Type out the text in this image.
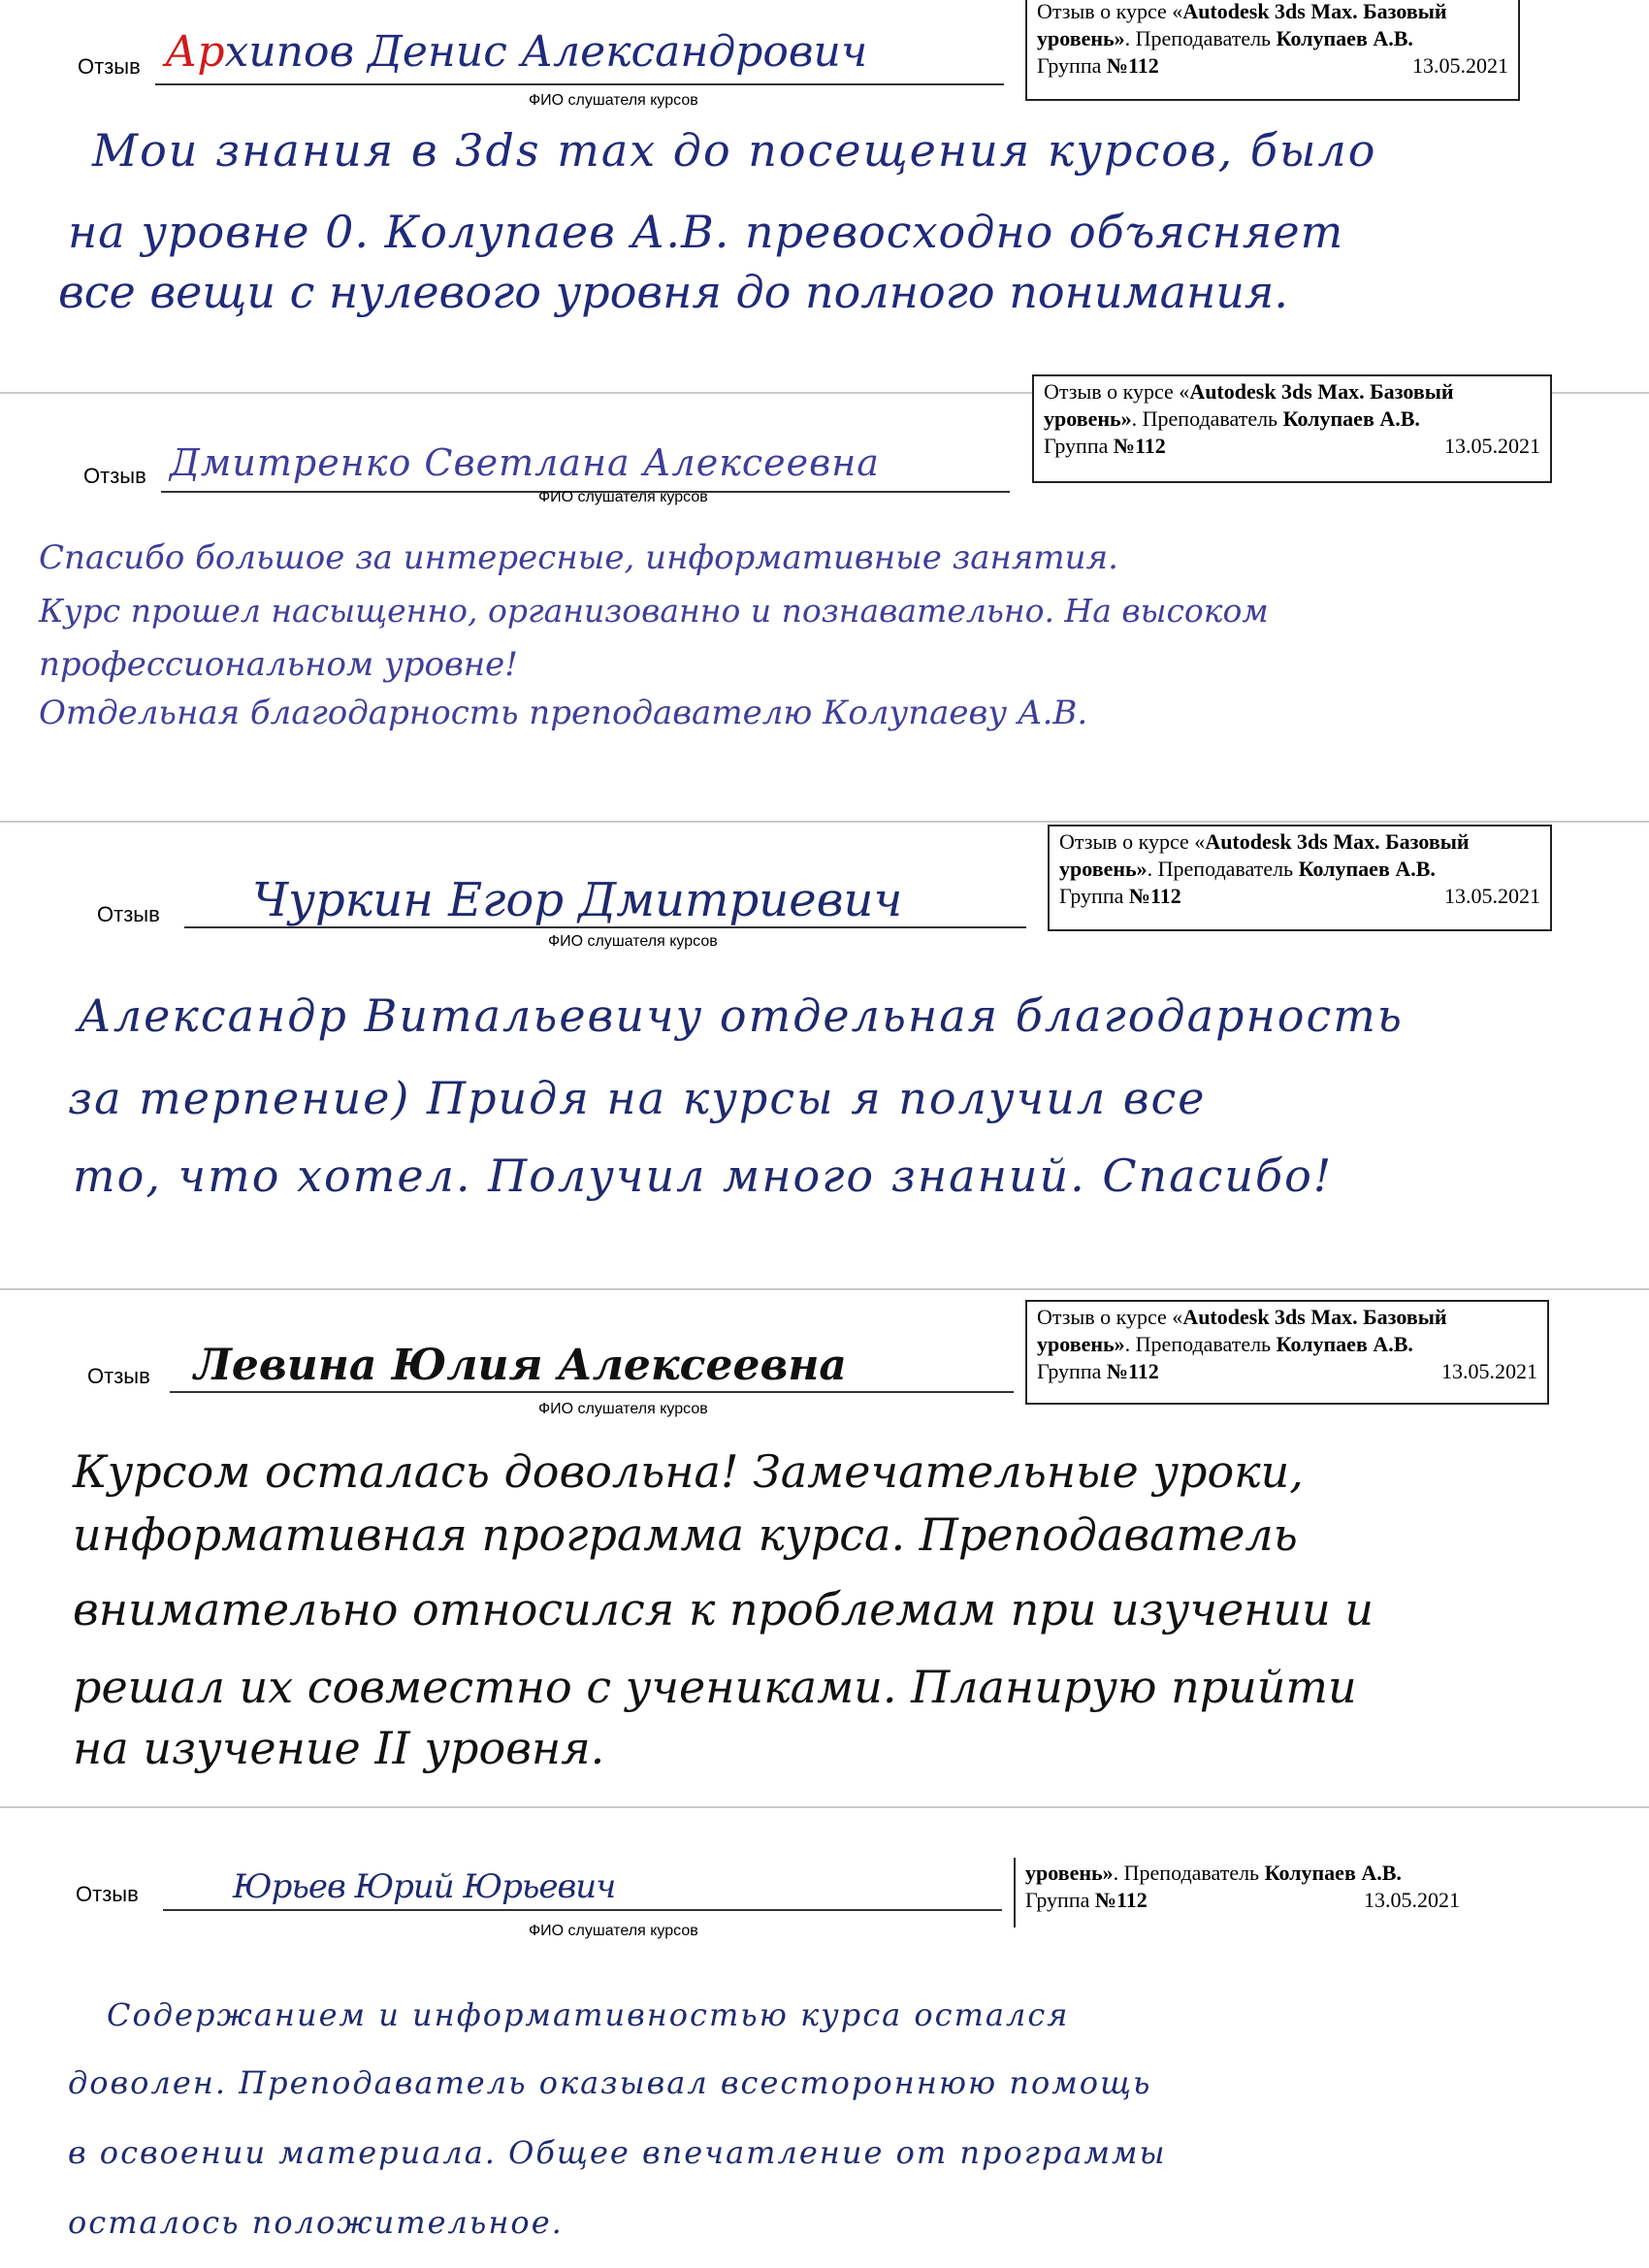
Отзыв о курсе «Autodesk 3ds Max. Базовый
уровень». Преподаватель Колупаев А.В.
Группа №112	13.05.2021
Отзыв Архипов Денис Александрович
ФИО слушателя курсов
Мои знания в 3ds max до посещения курсов, было
на уровне 0. Колупаев А.В. превосходно объясняет
все вещи с нулевого уровня до полного понимания.
Отзыв о курсе «Autodesk 3ds Max. Базовый
уровень». Преподаватель Колупаев А.В.
Группа №112	13.05.2021
Отзыв Дмитренко Светлана Алексеевна
ФИО слушателя курсов
Спасибо большое за интересные, информативные занятия.
Курс прошел насыщенно, организованно и познавательно. На высоком
профессиональном уровне!
Отдельная благодарность преподавателю Колупаеву А.В.
Отзыв о курсе «Autodesk 3ds Max. Базовый
уровень». Преподаватель Колупаев А.В.
Группа №112	13.05.2021
Отзыв Чуркин Егор Дмитриевич
ФИО слушателя курсов
Александр Витальевичу отдельная благодарность
за терпение) Придя на курсы я получил все
то, что хотел. Получил много знаний. Спасибо!
Отзыв о курсе «Autodesk 3ds Max. Базовый
уровень». Преподаватель Колупаев А.В.
Группа №112	13.05.2021
Отзыв Левина Юлия Алексеевна
ФИО слушателя курсов
Курсом осталась довольна! Замечательные уроки,
информативная программа курса. Преподаватель
внимательно относился к проблемам при изучении и
решал их совместно с учениками. Планирую прийти
на изучение II уровня.
уровень». Преподаватель Колупаев А.В.
Группа №112	13.05.2021
Отзыв	Юрьев Юрий Юрьевич
ФИО слушателя курсов
Содержанием и информативностью курса остался
доволен. Преподаватель оказывал всестороннюю помощь
в освоении материала. Общее впечатление от программы
осталось положительное.
